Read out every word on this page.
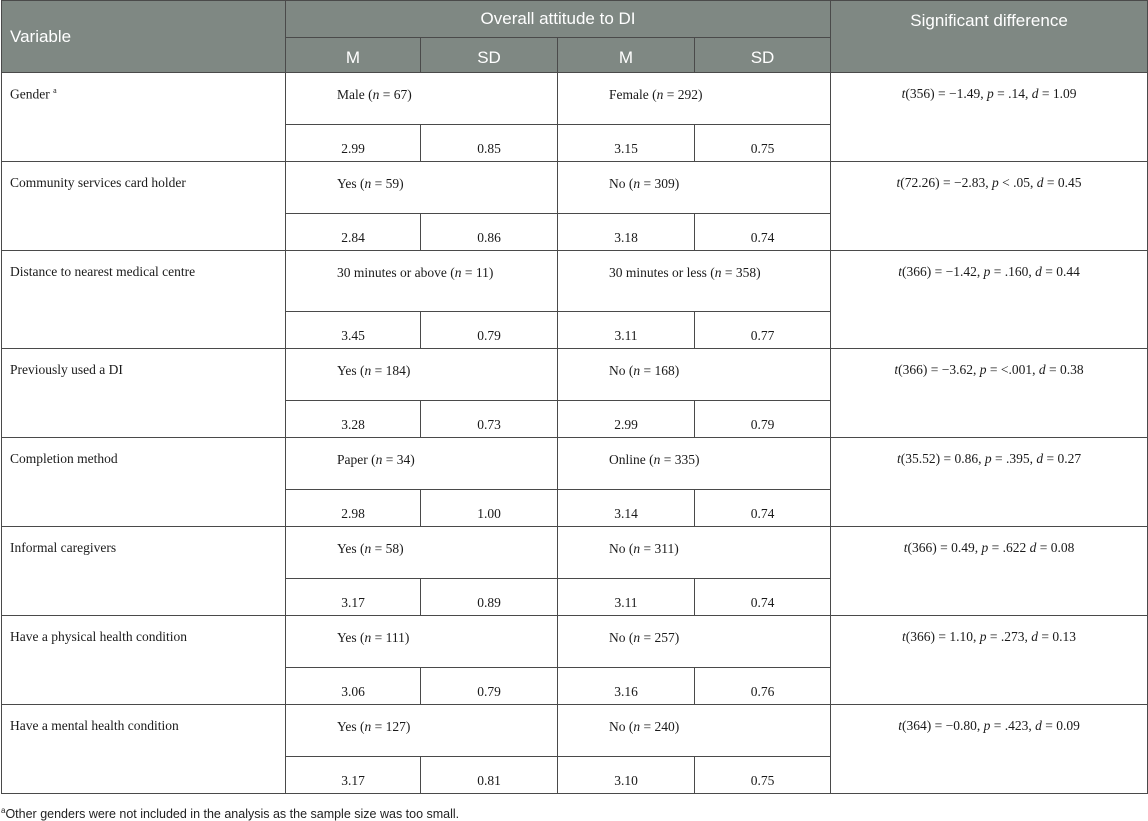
Variable	Overall attitude to DI				Significant difference
	M	SD	M	SD	
Gender $^a$	Male (n = 67)		Female (n = 292)		t(356) = −1.49, p = .14, d = 1.09
	2.99	0.85	3.15	0.75	
Community services card holder	Yes (n = 59)		No (n = 309)		t(72.26) = −2.83, p < .05, d = 0.45
	2.84	0.86	3.18	0.74	
Distance to nearest medical centre	30 minutes or above (n = 11)		30 minutes or less (n = 358)		t(366) = −1.42, p = .160, d = 0.44
	3.45	0.79	3.11	0.77	
Previously used a DI	Yes (n = 184)		No (n = 168)		t(366) = −3.62, p = <.001, d = 0.38
	3.28	0.73	2.99	0.79	
Completion method	Paper (n = 34)		Online (n = 335)		t(35.52) = 0.86, p = .395, d = 0.27
	2.98	1.00	3.14	0.74	
Informal caregivers	Yes (n = 58)		No (n = 311)		t(366) = 0.49, p = .622 d = 0.08
	3.17	0.89	3.11	0.74	
Have a physical health condition	Yes (n = 111)		No (n = 257)		t(366) = 1.10, p = .273, d = 0.13
	3.06	0.79	3.16	0.76	
Have a mental health condition	Yes (n = 127)		No (n = 240)		t(364) = −0.80, p = .423, d = 0.09
	3.17	0.81	3.10	0.75	
$^a$Other genders were not included in the analysis as the sample size was too small.
